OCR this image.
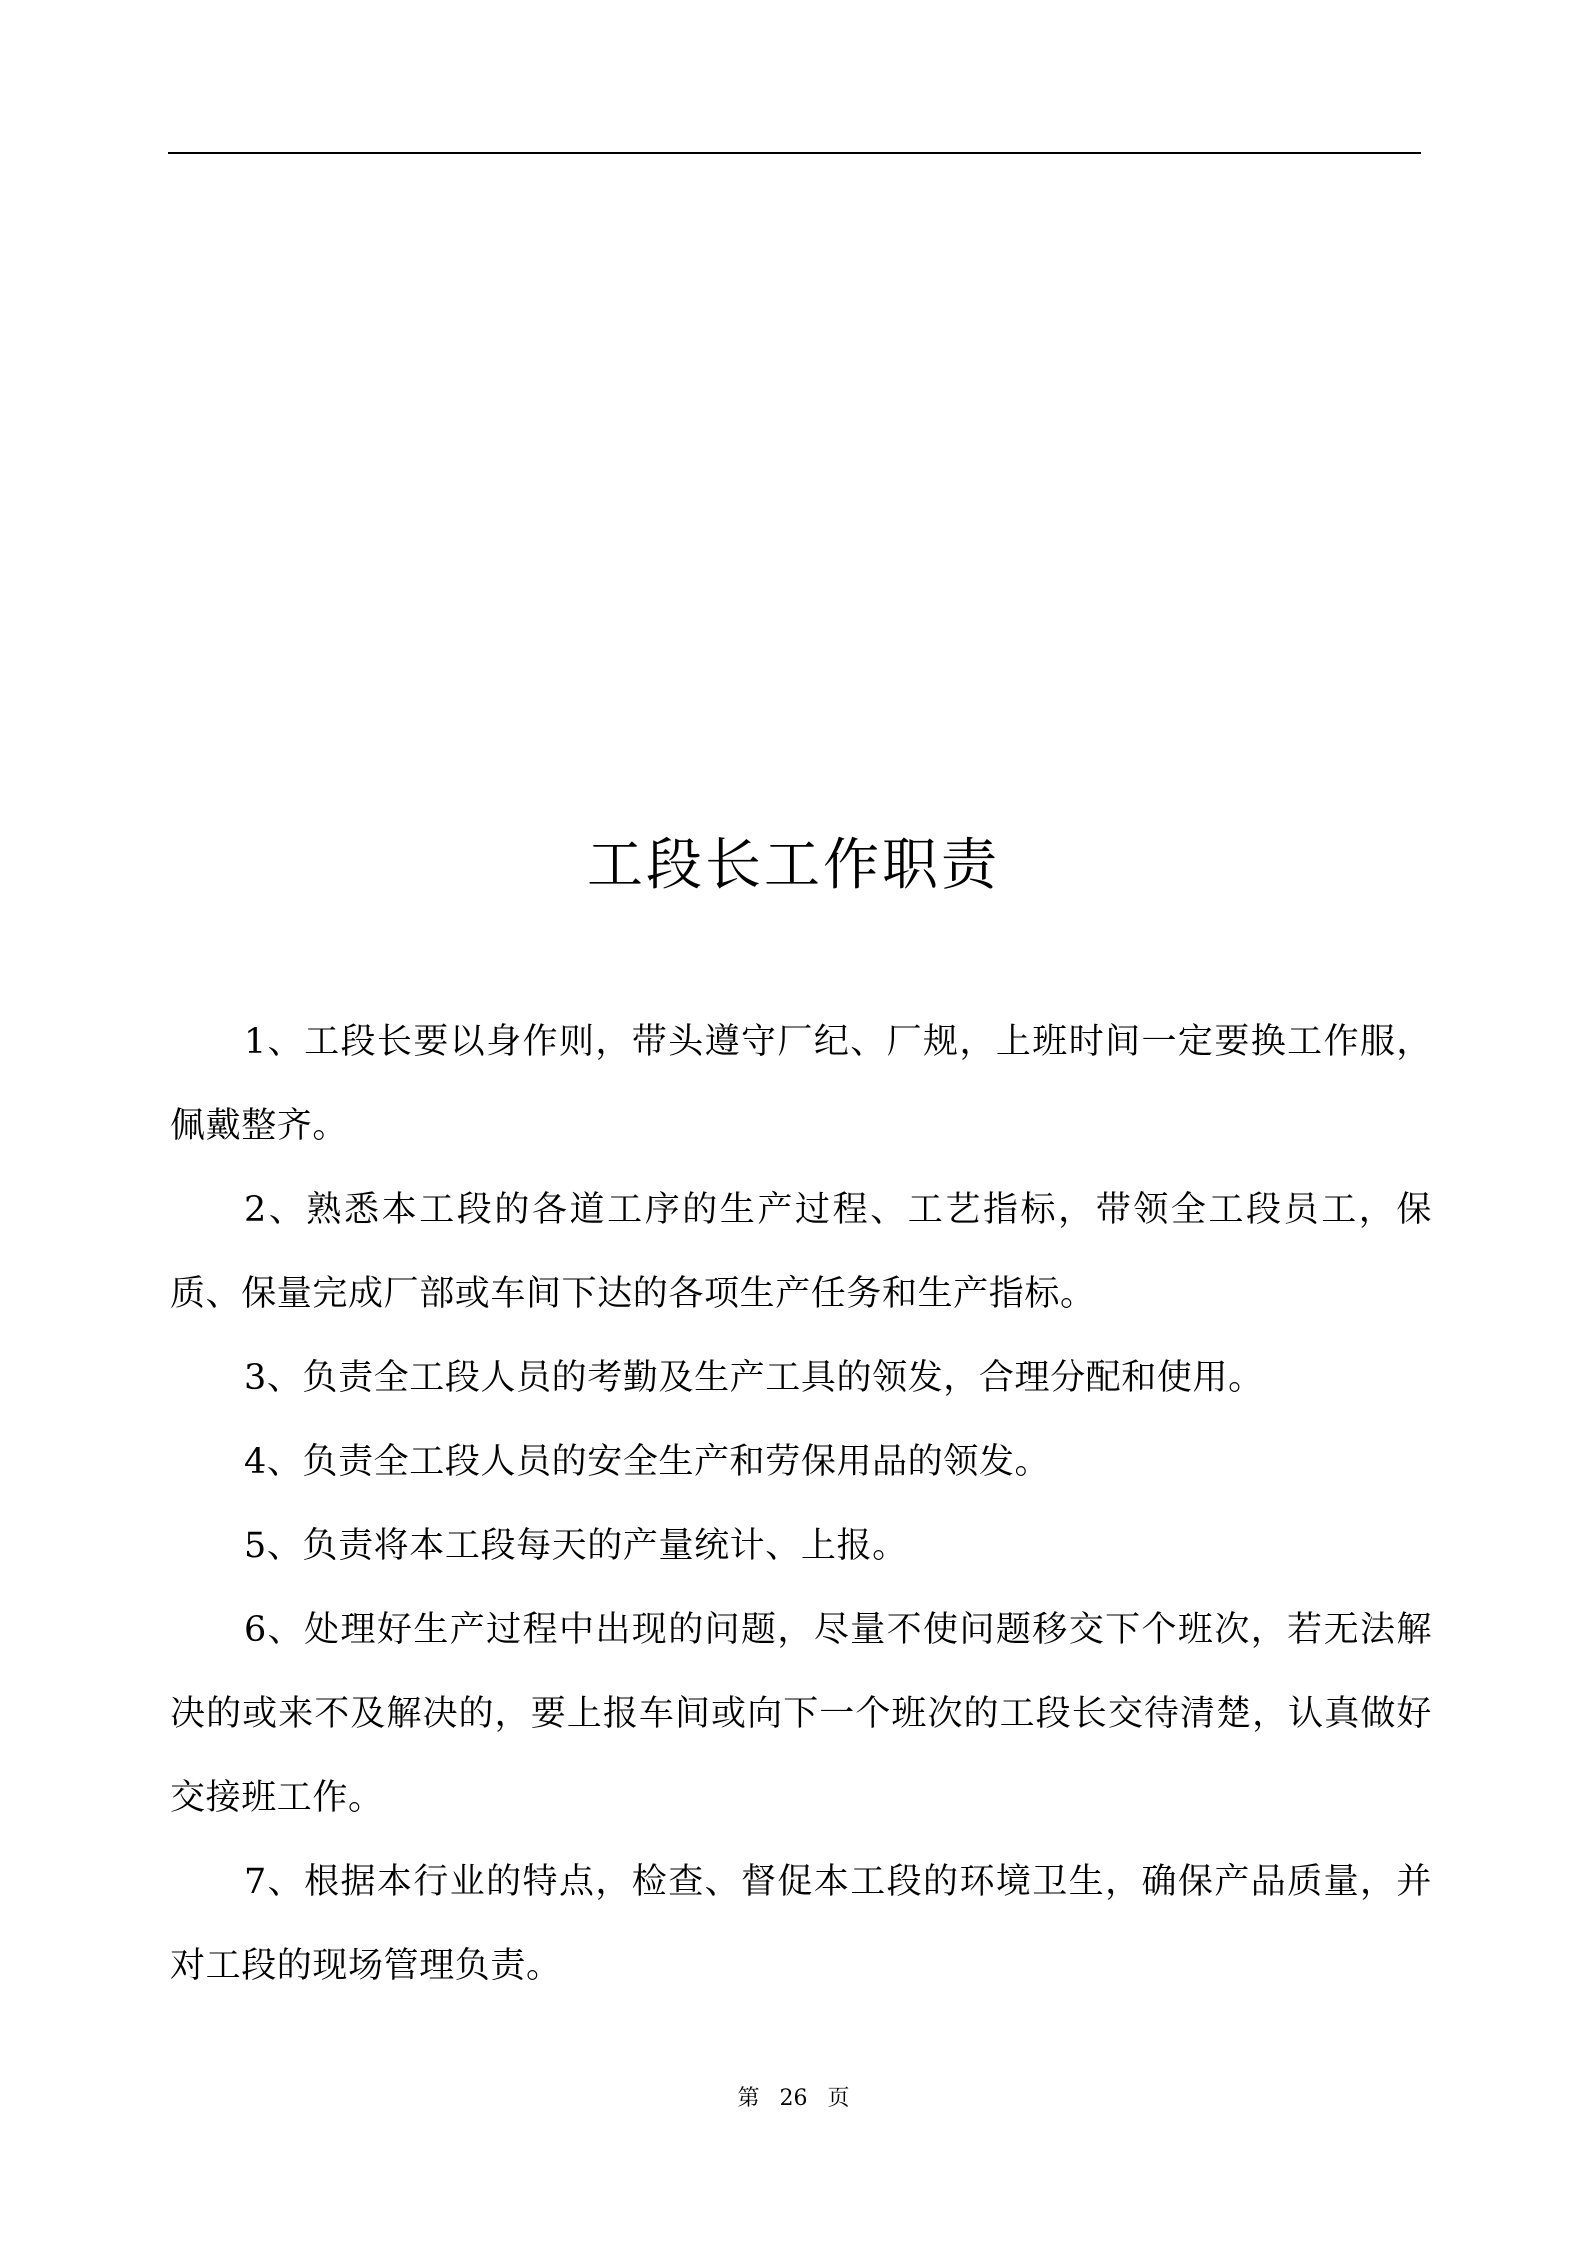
工段长工作职责

1、工段长要以身作则，带头遵守厂纪、厂规，上班时间一定要换工作服，佩戴整齐。

2、熟悉本工段的各道工序的生产过程、工艺指标，带领全工段员工，保质、保量完成厂部或车间下达的各项生产任务和生产指标。

3、负责全工段人员的考勤及生产工具的领发，合理分配和使用。

4、负责全工段人员的安全生产和劳保用品的领发。

5、负责将本工段每天的产量统计、上报。

6、处理好生产过程中出现的问题，尽量不使问题移交下个班次，若无法解决的或来不及解决的，要上报车间或向下一个班次的工段长交待清楚，认真做好交接班工作。

7、根据本行业的特点，检查、督促本工段的环境卫生，确保产品质量，并对工段的现场管理负责。

第 26 页
